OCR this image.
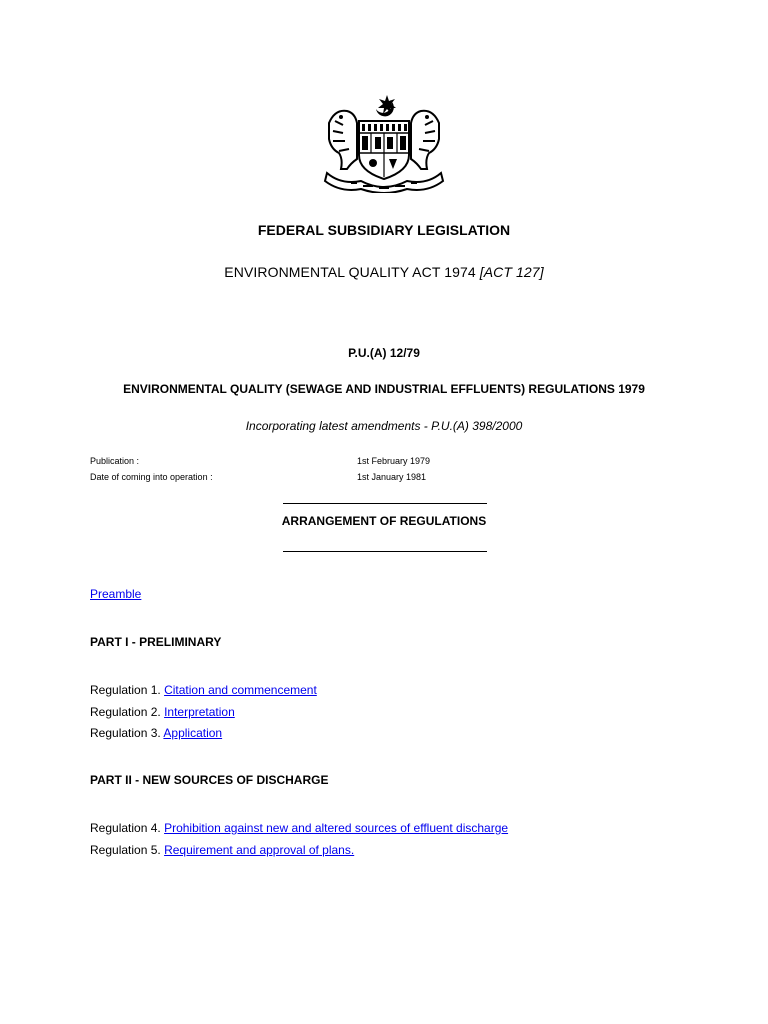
FEDERAL SUBSIDIARY LEGISLATION
ENVIRONMENTAL QUALITY ACT 1974 [ACT 127]
P.U.(A) 12/79
ENVIRONMENTAL QUALITY (SEWAGE AND INDUSTRIAL EFFLUENTS) REGULATIONS 1979
Incorporating latest amendments - P.U.(A) 398/2000
Publication :	1st February 1979
Date of coming into operation :	1st January 1981
ARRANGEMENT OF REGULATIONS
Preamble
PART I - PRELIMINARY
Regulation 1. Citation and commencement
Regulation 2. Interpretation
Regulation 3. Application
PART II - NEW SOURCES OF DISCHARGE
Regulation 4. Prohibition against new and altered sources of effluent discharge
Regulation 5. Requirement and approval of plans.
